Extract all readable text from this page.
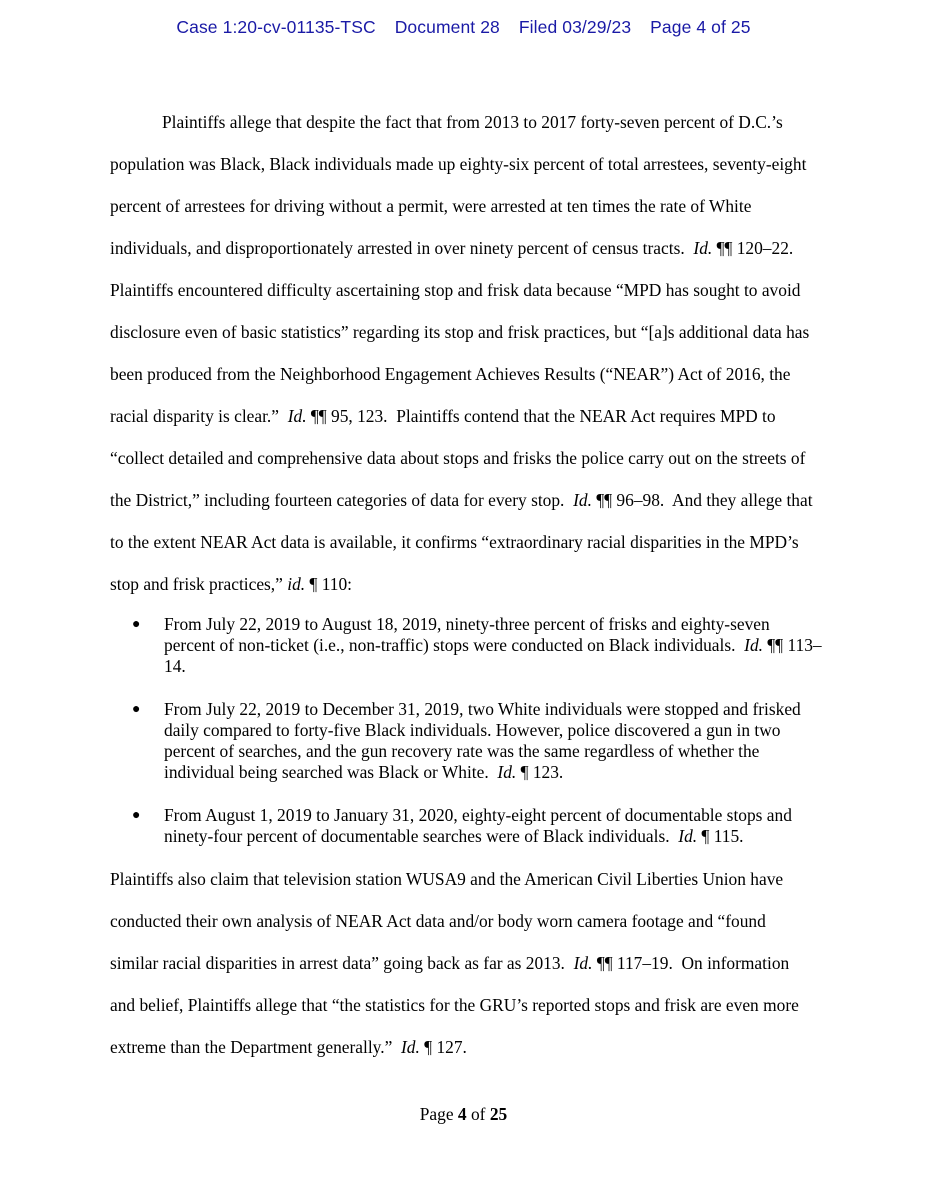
Case 1:20-cv-01135-TSC Document 28 Filed 03/29/23 Page 4 of 25

Plaintiffs allege that despite the fact that from 2013 to 2017 forty-seven percent of D.C.’s population was Black, Black individuals made up eighty-six percent of total arrestees, seventy-eight percent of arrestees for driving without a permit, were arrested at ten times the rate of White individuals, and disproportionately arrested in over ninety percent of census tracts. Id. ¶¶ 120–22.  Plaintiffs encountered difficulty ascertaining stop and frisk data because “MPD has sought to avoid disclosure even of basic statistics” regarding its stop and frisk practices, but “[a]s additional data has been produced from the Neighborhood Engagement Achieves Results (“NEAR”) Act of 2016, the racial disparity is clear.” Id. ¶¶ 95, 123. Plaintiffs contend that the NEAR Act requires MPD to “collect detailed and comprehensive data about stops and frisks the police carry out on the streets of the District,” including fourteen categories of data for every stop. Id. ¶¶ 96–98. And they allege that to the extent NEAR Act data is available, it confirms “extraordinary racial disparities in the MPD’s stop and frisk practices,” id. ¶ 110:

● From July 22, 2019 to August 18, 2019, ninety-three percent of frisks and eighty-seven percent of non-ticket (i.e., non-traffic) stops were conducted on Black individuals. Id. ¶¶ 113–14.
● From July 22, 2019 to December 31, 2019, two White individuals were stopped and frisked daily compared to forty-five Black individuals. However, police discovered a gun in two percent of searches, and the gun recovery rate was the same regardless of whether the individual being searched was Black or White. Id. ¶ 123.
● From August 1, 2019 to January 31, 2020, eighty-eight percent of documentable stops and ninety-four percent of documentable searches were of Black individuals. Id. ¶ 115.

Plaintiffs also claim that television station WUSA9 and the American Civil Liberties Union have conducted their own analysis of NEAR Act data and/or body worn camera footage and “found similar racial disparities in arrest data” going back as far as 2013. Id. ¶¶ 117–19. On information and belief, Plaintiffs allege that “the statistics for the GRU’s reported stops and frisk are even more extreme than the Department generally.” Id. ¶ 127.

Page 4 of 25
